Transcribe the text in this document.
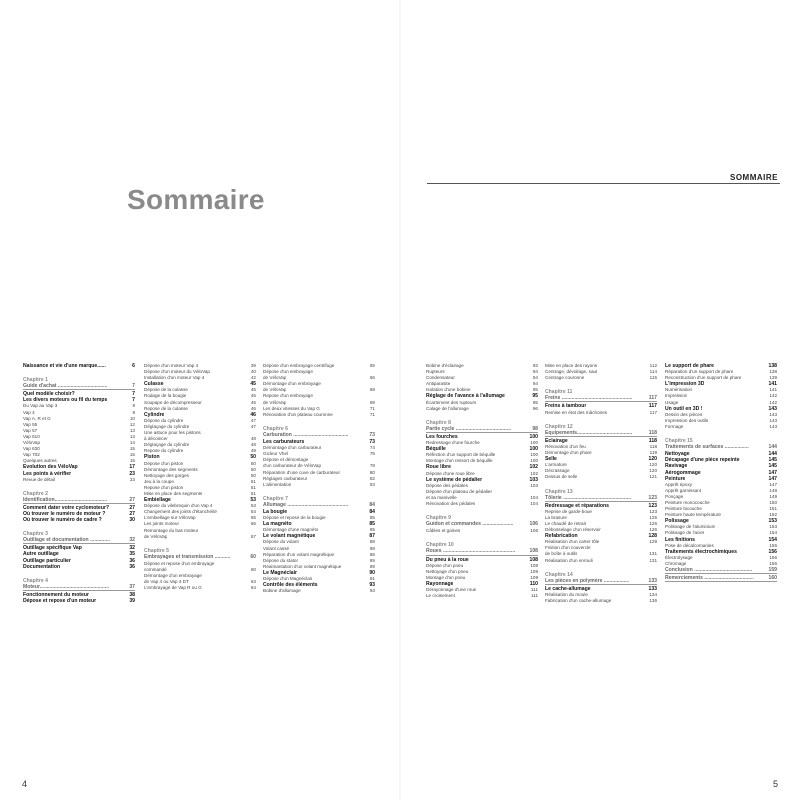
Sommaire
SOMMAIRE
Naissance et vie d'une marque......	6
Chapitre 1
Guide d'achat ...................................	7
Quel modèle choisir?	7
Les divers moteurs ou fil du temps	7
Du Vap au Vap 3	8
Vap 4	9
Vap A, R et G	10
Vap 55	12
Vap 57	13
Vap 610	13
VéloVap	14
Vap 630	15
Vap 702	15
Quelques autres	16
Évolution des VéloVap	17
Les points à vérifier	23
Revue de détail	23
Chapitre 2
Identification.....................................	27
Comment dater votre cyclomoteur?	27
Où trouver le numéro de moteur ?	27
Où trouver le numéro de cadre ?	30
Chapitre 3
Outillage et documentation ..............	32
Outillage spécifique Vap	32
Autre outillage	35
Outillage particulier	36
Documentation	36
Chapitre 4
Moteur.................................................	37
Fonctionnement du moteur	38
Dépose et repose d'un moteur	39
Dépose d'un moteur Vap 4	39
Dépose d'un moteur du VéloVap	40
Installation d'un moteur Vap 4	42
Culasse	45
Dépose de la culasse	45
Rodage de la bougie	45
Soupape de décompresseur	45
Repose de la culasse	46
Cylindre	46
Dépose du cylindre	47
Déglaçage du cylindre	47
Une astuce pour les pistons
à décoincer	48
Déglaçage du cylindre	48
Repose du cylindre	49
Piston	50
Dépose d'un piston	50
Démontage des segments	50
Nettoyage des gorges	50
Jeu à la coupe	51
Repose d'un piston	51
Mise en place des segments	51
Embiellage	53
Dépose du vilebrequin d'un Vap 4	53
Changement des joints d'étanchéité	54
L'embiellage sur VéloVap	55
Les joints moteur	56
Remontage du bas moteur
de VéloVap	57
Chapitre 5
Embrayages et transmission ...........	60
Dépose et repose d'un embrayage
commandé	60
Démontage d'un embrayage
de Vap 4 ou Vap 4 DT	63
L'embrayage de Vap R ou G	64
Dépose d'un embrayage centrifuge	65
Dépose d'un embrayage
de VéloVap	66
Démontage d'un embrayage
de VéloVap	68
Repose d'un embrayage
de VéloVap	69
Les deux vitesses du Vap G	71
Rénovation d'un plateau couronne	71
Chapitre 6
Carburation .......................................	73
Les carburateurs	73
Démontage d'un carburateur	74
Gicleur Vhel	76
Dépose et démontage
d'un carburateur de VéloVap	78
Réparation d'une cuve de carburateur	80
Réglages carburateur	82
L'alimentation	83
Chapitre 7
Allumage ...........................................	84
La bougie	84
Dépose et repose de la bougie	85
La magnéto	85
Démontage d'une magnéto	85
Le volant magnétique	87
Dépose du volant	88
Volant cassé	88
Réparation d'un volant magnétique	88
Dépose du stator	89
Réaimantation d'un volant magnétique	89
Le Magnéclair	90
Dépose d'un Magnéclair	91
Contrôle des éléments	93
Bobine d'allumage	93
Bobine d'éclairage	93
Rupteurs	94
Condensateur	94
Antiparasite	94
Isolation d'une bobine	95
Réglage de l'avance à l'allumage	95
Écartement des rupteurs	95
Calage de l'allumage	96
Chapitre 8
Partie cycle .......................................	98
Les fourches	100
Redressage d'une fourche	100
Béquille	100
Réfection d'un support de béquille	100
Montage d'un ressort de béquille	100
Roue libre	102
Dépose d'une roue libre	102
Le système de pédalier	103
Dépose des pédales	103
Dépose d'un plateau de pédalier
et sa manivelle	104
Rénovation des pédales	104
Chapitre 9
Guidon et commandes ......................	106
Câbles et gaines	106
Chapitre 10
Roues ...................................................	108
Du pneu à la roue	108
Dépose d'un pneu	108
Nettoyage d'un pneu	109
Montage d'un pneu	109
Rayonnage	110
Dérayonnage d'une roue	111
Le croisement	111
Mise en place des rayons	112
Centrage, dévoilage, saut	114
Centrage couronne	115
Chapitre 11
Freins ..................................................	117
Freins à tambour	117
Remise en état des mâchoires	117
Chapitre 12
Équipements.......................................	118
Éclairage	118
Rénovation d'un feu	118
Démontage d'un phare	119
Selle	120
L'armature	120
Décrassage	120
Dessus de selle	121
Chapitre 13
Tôlerie ................................................	123
Redressage et réparations	123
Reprise de garde-boue	123
La brasure	125
Le chaudé de retrait	126
Débosselage d'un réservoir	126
Refabrication	128
Réalisation d'un carter tôle	129
Finition d'un couvercle
de boîte à outils	131
Réalisation d'un enrouli	131
Chapitre 14
Les pièces en polymère ..................	133
Le cache-allumage	133
Réalisation du moule	134
Fabrication d'un cache-allumage	136
Le support de phare	138
Réparation d'un support de phare	138
Reconstruction d'un support de phare	139
L'impression 3D	141
Numérisation	141
Impression	142
Usage	142
Un outil en 3D !	143
Dessin des pièces	143
Impression des outils	143
Formage	143
Chapitre 15
Traitements de surfaces .................	144
Nettoyage	144
Décapage d'une pièce repeinte	145
Ravivage	145
Aérogommage	147
Peinture	147
Apprêt époxy	147
Apprêt garnissant	148
Ponçage	149
Peinture monocouche	150
Peinture bicouche	151
Peinture haute température	152
Polissage	153
Polissage de l'aluminium	153
Polissage de l'acier	154
Les finitions	154
Pose de décalcomanies	155
Traitements électrochimiques	156
Électrolysage	156
Chromage	156
Conclusion .........................................	159
Remerciements ...................................	160
4	5
